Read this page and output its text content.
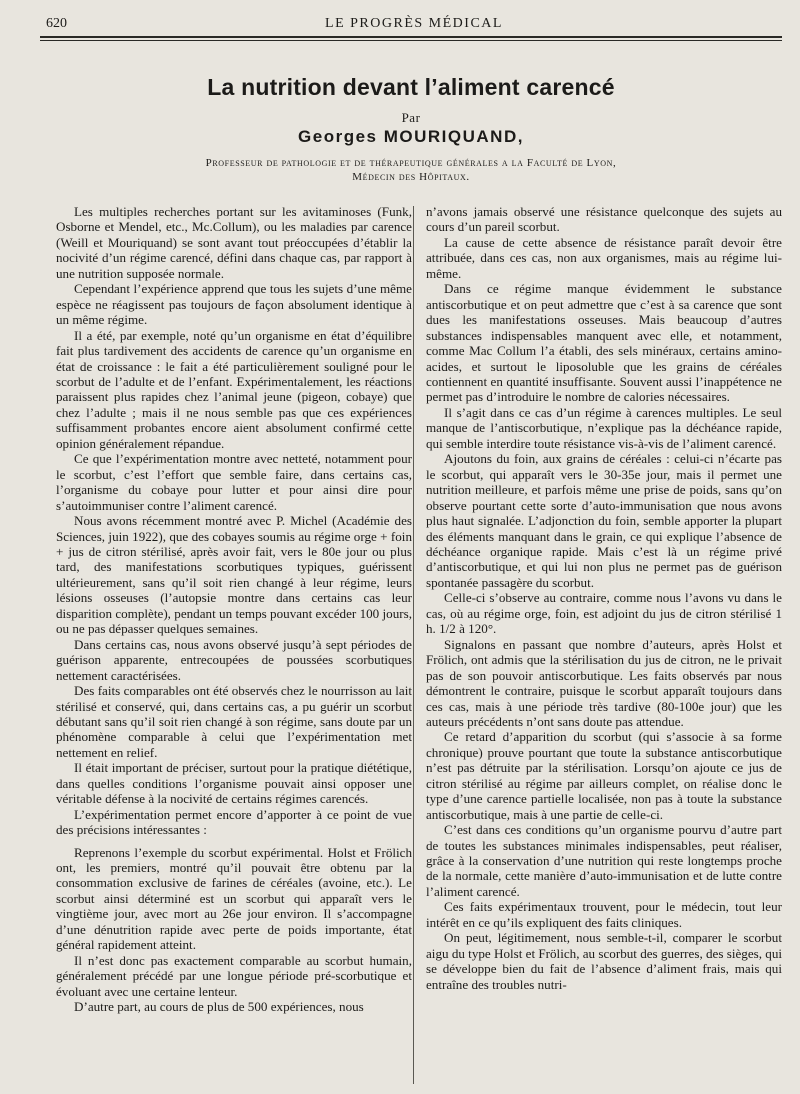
620	LE PROGRÈS MÉDICAL
La nutrition devant l’aliment carencé
Par
Georges MOURIQUAND,
Professeur de pathologie et de thérapeutique générales a la Faculté de Lyon,
Médecin des Hôpitaux.

Les multiples recherches portant sur les avitaminoses (Funk, Osborne et Mendel, etc., Mc.Collum), ou les maladies par carence (Weill et Mouriquand) se sont avant tout préoccupées d’établir la nocivité d’un régime carencé, défini dans chaque cas, par rapport à une nutrition supposée normale.

Cependant l’expérience apprend que tous les sujets d’une même espèce ne réagissent pas toujours de façon absolument identique à un même régime.

Il a été, par exemple, noté qu’un organisme en état d’équilibre fait plus tardivement des accidents de carence qu’un organisme en état de croissance : le fait a été particulièrement souligné pour le scorbut de l’adulte et de l’enfant. Expérimentalement, les réactions paraissent plus rapides chez l’animal jeune (pigeon, cobaye) que chez l’adulte ; mais il ne nous semble pas que ces expériences suffisamment probantes encore aient absolument confirmé cette opinion généralement répandue.

Ce que l’expérimentation montre avec netteté, notamment pour le scorbut, c’est l’effort que semble faire, dans certains cas, l’organisme du cobaye pour lutter et pour ainsi dire pour s’autoimmuniser contre l’aliment carencé.

Nous avons récemment montré avec P. Michel (Académie des Sciences, juin 1922), que des cobayes soumis au régime orge + foin + jus de citron stérilisé, après avoir fait, vers le 80e jour ou plus tard, des manifestations scorbutiques typiques, guérissent ultérieurement, sans qu’il soit rien changé à leur régime, leurs lésions osseuses (l’autopsie montre dans certains cas leur disparition complète), pendant un temps pouvant excéder 100 jours, ou ne pas dépasser quelques semaines.

Dans certains cas, nous avons observé jusqu’à sept périodes de guérison apparente, entrecoupées de poussées scorbutiques nettement caractérisées.

Des faits comparables ont été observés chez le nourrisson au lait stérilisé et conservé, qui, dans certains cas, a pu guérir un scorbut débutant sans qu’il soit rien changé à son régime, sans doute par un phénomène comparable à celui que l’expérimentation met nettement en relief.

Il était important de préciser, surtout pour la pratique diététique, dans quelles conditions l’organisme pouvait ainsi opposer une véritable défense à la nocivité de certains régimes carencés.

L’expérimentation permet encore d’apporter à ce point de vue des précisions intéressantes :

Reprenons l’exemple du scorbut expérimental. Holst et Frölich ont, les premiers, montré qu’il pouvait être obtenu par la consommation exclusive de farines de céréales (avoine, etc.). Le scorbut ainsi déterminé est un scorbut qui apparaît vers le vingtième jour, avec mort au 26e jour environ. Il s’accompagne d’une dénutrition rapide avec perte de poids importante, état général rapidement atteint.

Il n’est donc pas exactement comparable au scorbut humain, généralement précédé par une longue période pré-scorbutique et évoluant avec une certaine lenteur.

D’autre part, au cours de plus de 500 expériences, nous

n’avons jamais observé une résistance quelconque des sujets au cours d’un pareil scorbut.

La cause de cette absence de résistance paraît devoir être attribuée, dans ces cas, non aux organismes, mais au régime lui-même.

Dans ce régime manque évidemment le substance antiscorbutique et on peut admettre que c’est à sa carence que sont dues les manifestations osseuses. Mais beaucoup d’autres substances indispensables manquent avec elle, et notamment, comme Mac Collum l’a établi, des sels minéraux, certains amino-acides, et surtout le liposoluble que les grains de céréales contiennent en quantité insuffisante. Souvent aussi l’inappétence ne permet pas d’introduire le nombre de calories nécessaires.

Il s’agit dans ce cas d’un régime à carences multiples. Le seul manque de l’antiscorbutique, n’explique pas la déchéance rapide, qui semble interdire toute résistance vis-à-vis de l’aliment carencé.

Ajoutons du foin, aux grains de céréales : celui-ci n’écarte pas le scorbut, qui apparaît vers le 30-35e jour, mais il permet une nutrition meilleure, et parfois même une prise de poids, sans qu’on observe pourtant cette sorte d’auto-immunisation que nous avons plus haut signalée. L’adjonction du foin, semble apporter la plupart des éléments manquant dans le grain, ce qui explique l’absence de déchéance organique rapide. Mais c’est là un régime privé d’antiscorbutique, et qui lui non plus ne permet pas de guérison spontanée passagère du scorbut.

Celle-ci s’observe au contraire, comme nous l’avons vu dans le cas, où au régime orge, foin, est adjoint du jus de citron stérilisé 1 h. 1/2 à 120°.

Signalons en passant que nombre d’auteurs, après Holst et Frölich, ont admis que la stérilisation du jus de citron, ne le privait pas de son pouvoir antiscorbutique. Les faits observés par nous démontrent le contraire, puisque le scorbut apparaît toujours dans ces cas, mais à une période très tardive (80-100e jour) que les auteurs précédents n’ont sans doute pas attendue.

Ce retard d’apparition du scorbut (qui s’associe à sa forme chronique) prouve pourtant que toute la substance antiscorbutique n’est pas détruite par la stérilisation. Lorsqu’on ajoute ce jus de citron stérilisé au régime par ailleurs complet, on réalise donc le type d’une carence partielle localisée, non pas à toute la substance antiscorbutique, mais à une partie de celle-ci.

C’est dans ces conditions qu’un organisme pourvu d’autre part de toutes les substances minimales indispensables, peut réaliser, grâce à la conservation d’une nutrition qui reste longtemps proche de la normale, cette manière d’auto-immunisation et de lutte contre l’aliment carencé.

Ces faits expérimentaux trouvent, pour le médecin, tout leur intérêt en ce qu’ils expliquent des faits cliniques.

On peut, légitimement, nous semble-t-il, comparer le scorbut aigu du type Holst et Frölich, au scorbut des guerres, des sièges, qui se développe bien du fait de l’absence d’aliment frais, mais qui entraîne des troubles nutri-
